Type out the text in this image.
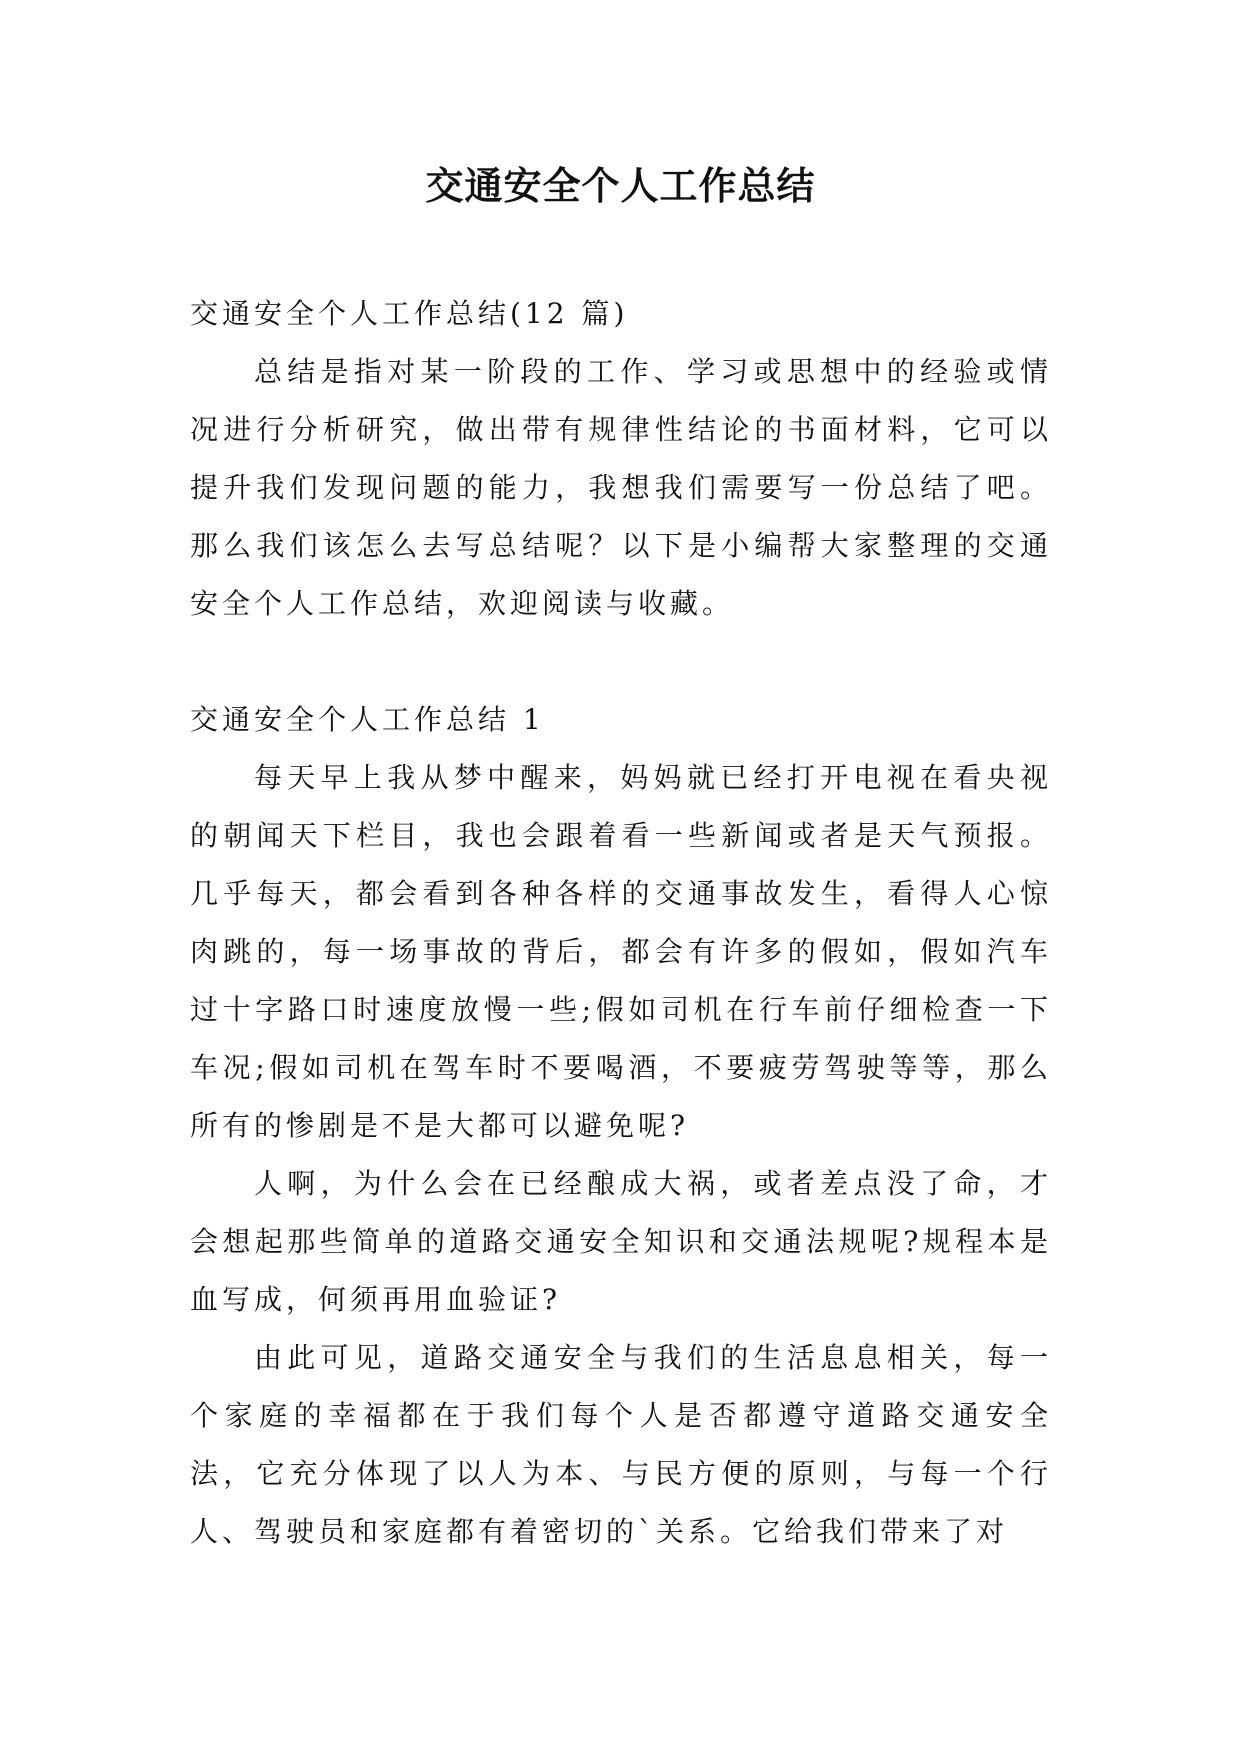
交通安全个人工作总结

交通安全个人工作总结(12 篇)

总结是指对某一阶段的工作、学习或思想中的经验或情况进行分析研究，做出带有规律性结论的书面材料，它可以提升我们发现问题的能力，我想我们需要写一份总结了吧。那么我们该怎么去写总结呢？以下是小编帮大家整理的交通安全个人工作总结，欢迎阅读与收藏。

交通安全个人工作总结 1

每天早上我从梦中醒来，妈妈就已经打开电视在看央视的朝闻天下栏目，我也会跟着看一些新闻或者是天气预报。几乎每天，都会看到各种各样的交通事故发生，看得人心惊肉跳的，每一场事故的背后，都会有许多的假如，假如汽车过十字路口时速度放慢一些;假如司机在行车前仔细检查一下车况;假如司机在驾车时不要喝酒，不要疲劳驾驶等等，那么所有的惨剧是不是大都可以避免呢?

人啊，为什么会在已经酿成大祸，或者差点没了命，才会想起那些简单的道路交通安全知识和交通法规呢?规程本是血写成，何须再用血验证?

由此可见，道路交通安全与我们的生活息息相关，每一个家庭的幸福都在于我们每个人是否都遵守道路交通安全法，它充分体现了以人为本、与民方便的原则，与每一个行人、驾驶员和家庭都有着密切的`关系。它给我们带来了对
